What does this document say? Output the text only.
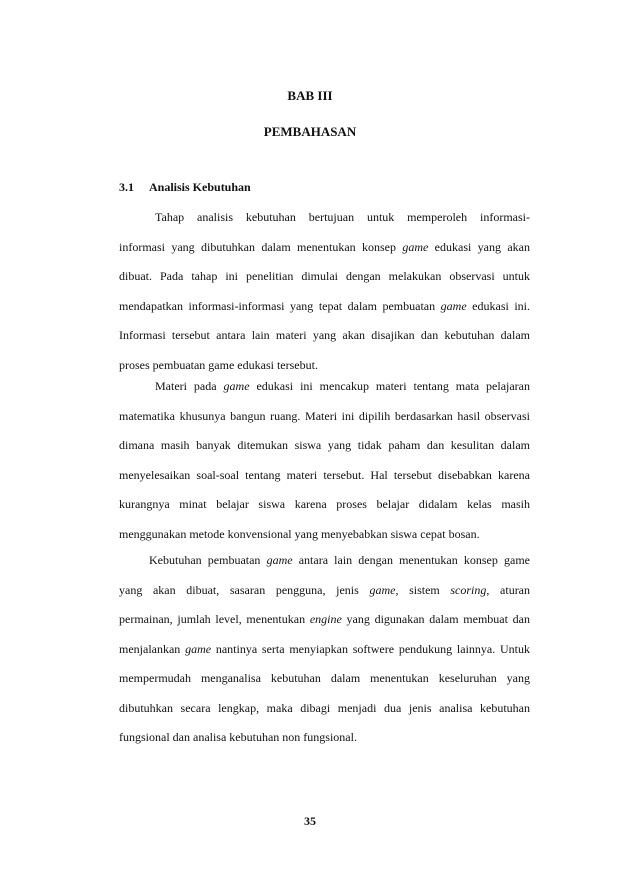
BAB III
PEMBAHASAN
3.1 Analisis Kebutuhan
Tahap analisis kebutuhan bertujuan untuk memperoleh informasi-
informasi yang dibutuhkan dalam menentukan konsep game edukasi yang akan
dibuat. Pada tahap ini penelitian dimulai dengan melakukan observasi untuk
mendapatkan informasi-informasi yang tepat dalam pembuatan game edukasi ini.
Informasi tersebut antara lain materi yang akan disajikan dan kebutuhan dalam
proses pembuatan game edukasi tersebut.
Materi pada game edukasi ini mencakup materi tentang mata pelajaran
matematika khusunya bangun ruang. Materi ini dipilih berdasarkan hasil observasi
dimana masih banyak ditemukan siswa yang tidak paham dan kesulitan dalam
menyelesaikan soal-soal tentang materi tersebut. Hal tersebut disebabkan karena
kurangnya minat belajar siswa karena proses belajar didalam kelas masih
menggunakan metode konvensional yang menyebabkan siswa cepat bosan.
Kebutuhan pembuatan game antara lain dengan menentukan konsep game
yang akan dibuat, sasaran pengguna, jenis game, sistem scoring, aturan
permainan, jumlah level, menentukan engine yang digunakan dalam membuat dan
menjalankan game nantinya serta menyiapkan softwere pendukung lainnya. Untuk
mempermudah menganalisa kebutuhan dalam menentukan keseluruhan yang
dibutuhkan secara lengkap, maka dibagi menjadi dua jenis analisa kebutuhan
fungsional dan analisa kebutuhan non fungsional.
35
